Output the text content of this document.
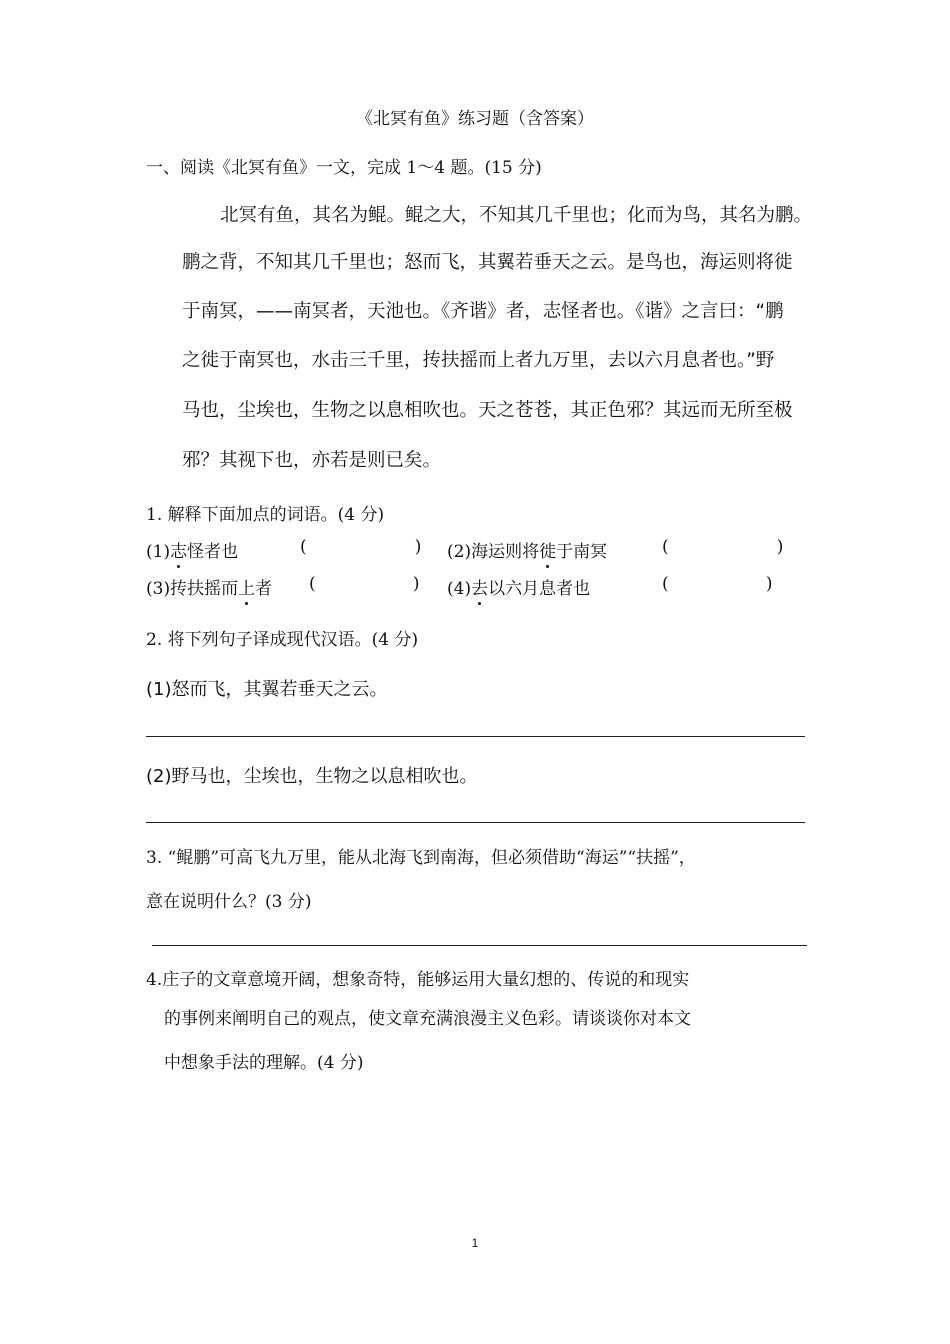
《北冥有鱼》练习题（含答案）
一、阅读《北冥有鱼》一文，完成 1～4 题。(15 分)
北冥有鱼，其名为鲲。鲲之大，不知其几千里也；化而为鸟，其名为鹏。
鹏之背，不知其几千里也；怒而飞，其翼若垂天之云。是鸟也，海运则将徙
于南冥，——南冥者，天池也。《齐谐》者，志怪者也。《谐》之言曰：“鹏
之徙于南冥也，水击三千里，抟扶摇而上者九万里，去以六月息者也。”野
马也，尘埃也，生物之以息相吹也。天之苍苍，其正色邪？其远而无所至极
邪？其视下也，亦若是则已矣。
1. 解释下面加点的词语。(4 分)
(1)志怪者也	(                    ) (2)海运则将徙于南冥	(                    )
(3)抟扶摇而上者 (                  ) (4)去以六月息者也	(                  )
2. 将下列句子译成现代汉语。(4 分)
(1)怒而飞，其翼若垂天之云。
(2)野马也，尘埃也，生物之以息相吹也。
3. “鲲鹏”可高飞九万里，能从北海飞到南海，但必须借助“海运”“扶摇”，
意在说明什么？(3 分)
4.庄子的文章意境开阔，想象奇特，能够运用大量幻想的、传说的和现实
的事例来阐明自己的观点，使文章充满浪漫主义色彩。请谈谈你对本文
中想象手法的理解。(4 分)
1
